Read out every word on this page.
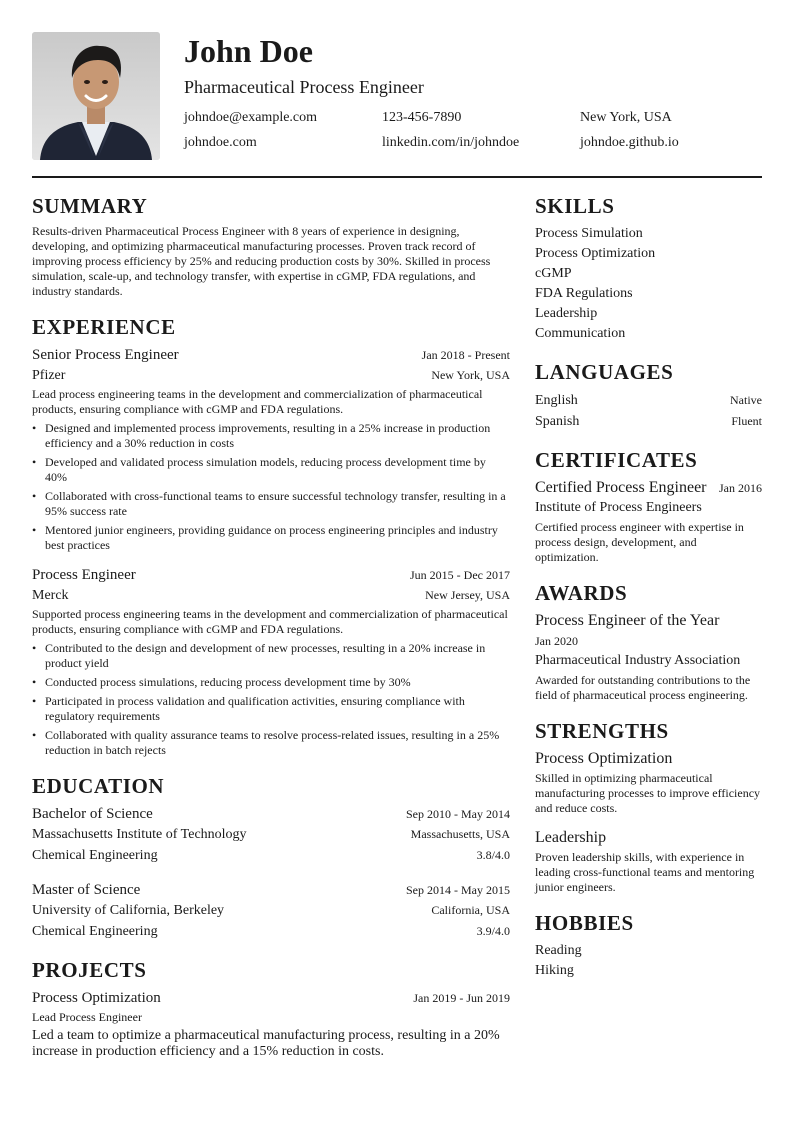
John Doe
Pharmaceutical Process Engineer
johndoe@example.com	123-456-7890	New York, USA
johndoe.com	linkedin.com/in/johndoe	johndoe.github.io
SUMMARY

Results-driven Pharmaceutical Process Engineer with 8 years of experience in designing, developing, and optimizing pharmaceutical manufacturing processes. Proven track record of improving process efficiency by 25% and reducing production costs by 30%. Skilled in process simulation, scale-up, and technology transfer, with expertise in cGMP, FDA regulations, and industry standards.

EXPERIENCE
Senior Process Engineer	Jan 2018 - Present
Pfizer	New York, USA

Lead process engineering teams in the development and commercialization of pharmaceutical products, ensuring compliance with cGMP and FDA regulations.

• Designed and implemented process improvements, resulting in a 25% increase in production efficiency and a 30% reduction in costs
• Developed and validated process simulation models, reducing process development time by 40%
• Collaborated with cross-functional teams to ensure successful technology transfer, resulting in a 95% success rate
• Mentored junior engineers, providing guidance on process engineering principles and industry best practices
Process Engineer	Jun 2015 - Dec 2017
Merck	New Jersey, USA

Supported process engineering teams in the development and commercialization of pharmaceutical products, ensuring compliance with cGMP and FDA regulations.

• Contributed to the design and development of new processes, resulting in a 20% increase in product yield
• Conducted process simulations, reducing process development time by 30%
• Participated in process validation and qualification activities, ensuring compliance with regulatory requirements
• Collaborated with quality assurance teams to resolve process-related issues, resulting in a 25% reduction in batch rejects
EDUCATION
Bachelor of Science	Sep 2010 - May 2014
Massachusetts Institute of Technology	Massachusetts, USA
Chemical Engineering	3.8/4.0
Master of Science	Sep 2014 - May 2015
University of California, Berkeley	California, USA
Chemical Engineering	3.9/4.0
PROJECTS
Process Optimization	Jan 2019 - Jun 2019
Lead Process Engineer

Led a team to optimize a pharmaceutical manufacturing process, resulting in a 20% increase in production efficiency and a 15% reduction in costs.

SKILLS
Process Simulation
Process Optimization
cGMP
FDA Regulations
Leadership
Communication
LANGUAGES
English	Native
Spanish	Fluent
CERTIFICATES
Certified Process Engineer Jan 2016
Institute of Process Engineers

Certified process engineer with expertise in process design, development, and optimization.

AWARDS
Process Engineer of the Year
Jan 2020
Pharmaceutical Industry Association

Awarded for outstanding contributions to the field of pharmaceutical process engineering.

STRENGTHS
Process Optimization

Skilled in optimizing pharmaceutical manufacturing processes to improve efficiency and reduce costs.

Leadership

Proven leadership skills, with experience in leading cross-functional teams and mentoring junior engineers.

HOBBIES
Reading
Hiking
